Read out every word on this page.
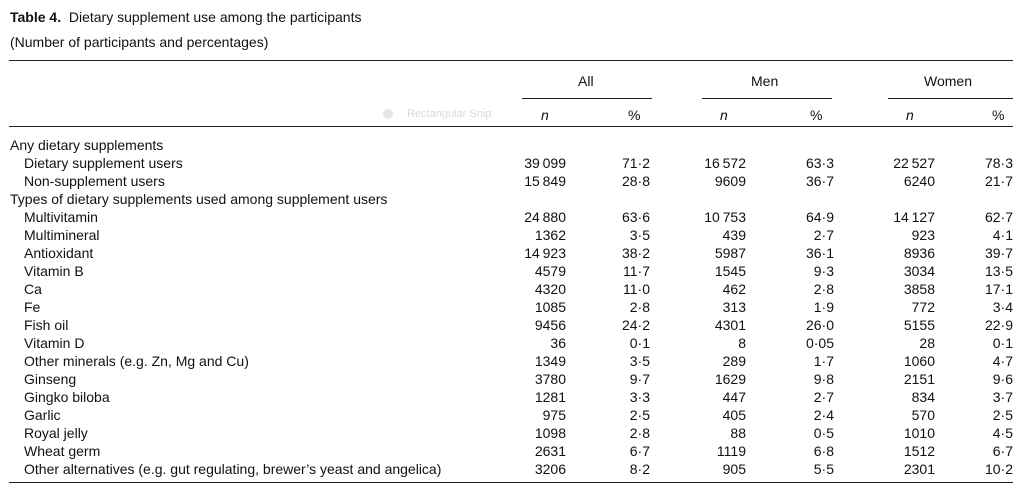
Table 4. Dietary supplement use among the participants
(Number of participants and percentages)
All	Men	Women
Rectangular Snip	n	%	n	%	n	%
Any dietary supplements
Dietary supplement users	39 099	71·2	16 572	63·3	22 527	78·3
Non-supplement users	15 849	28·8	9609	36·7	6240	21·7
Types of dietary supplements used among supplement users
Multivitamin	24 880	63·6	10 753	64·9	14 127	62·7
Multimineral	1362	3·5	439	2·7	923	4·1
Antioxidant	14 923	38·2	5987	36·1	8936	39·7
Vitamin B	4579	11·7	1545	9·3	3034	13·5
Ca	4320	11·0	462	2·8	3858	17·1
Fe	1085	2·8	313	1·9	772	3·4
Fish oil	9456	24·2	4301	26·0	5155	22·9
Vitamin D	36	0·1	8	0·05	28	0·1
Other minerals (e.g. Zn, Mg and Cu)	1349	3·5	289	1·7	1060	4·7
Ginseng	3780	9·7	1629	9·8	2151	9·6
Gingko biloba	1281	3·3	447	2·7	834	3·7
Garlic	975	2·5	405	2·4	570	2·5
Royal jelly	1098	2·8	88	0·5	1010	4·5
Wheat germ	2631	6·7	1119	6·8	1512	6·7
Other alternatives (e.g. gut regulating, brewer’s yeast and angelica)	3206	8·2	905	5·5	2301	10·2
